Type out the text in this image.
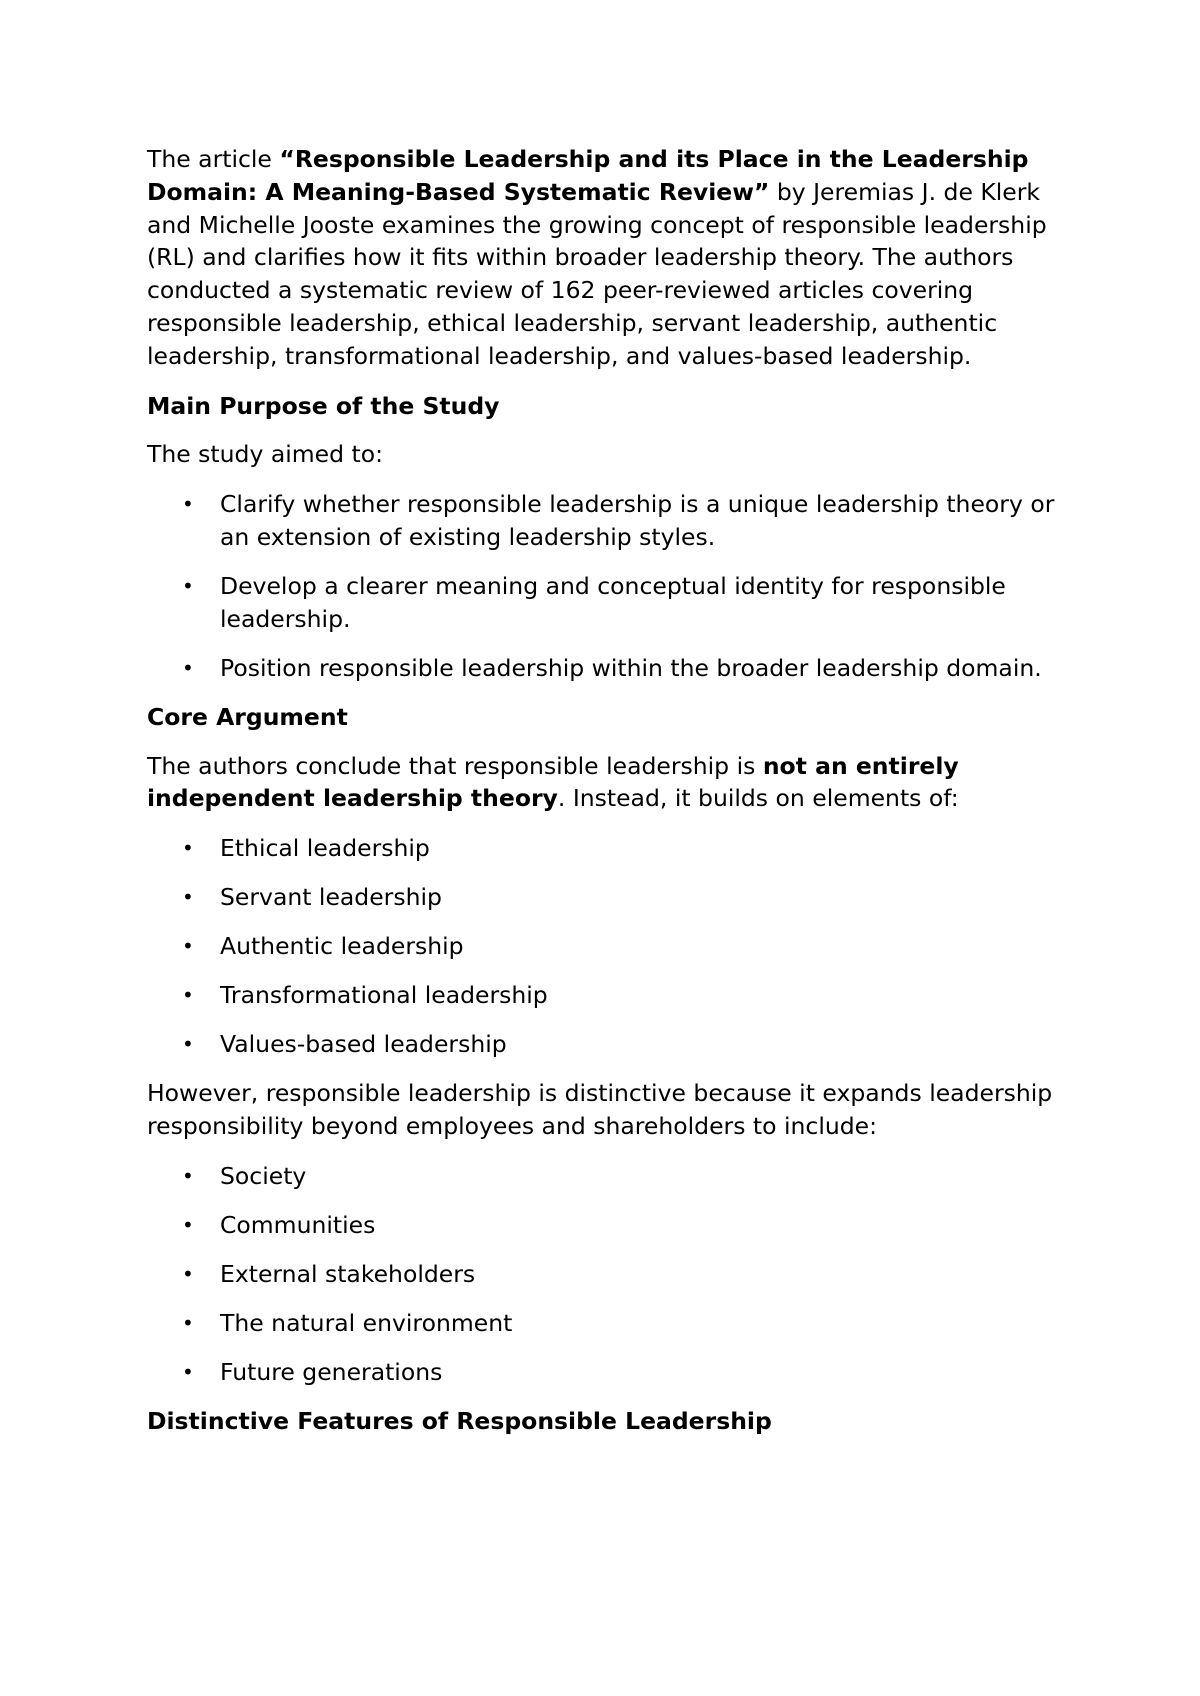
The article “Responsible Leadership and its Place in the Leadership Domain: A Meaning-Based Systematic Review” by Jeremias J. de Klerk and Michelle Jooste examines the growing concept of responsible leadership (RL) and clarifies how it fits within broader leadership theory. The authors conducted a systematic review of 162 peer-reviewed articles covering responsible leadership, ethical leadership, servant leadership, authentic leadership, transformational leadership, and values-based leadership.

Main Purpose of the Study

The study aimed to:

• Clarify whether responsible leadership is a unique leadership theory or an extension of existing leadership styles.
• Develop a clearer meaning and conceptual identity for responsible leadership.
• Position responsible leadership within the broader leadership domain.
Core Argument

The authors conclude that responsible leadership is not an entirely independent leadership theory. Instead, it builds on elements of:

• Ethical leadership
• Servant leadership
• Authentic leadership
• Transformational leadership
• Values-based leadership

However, responsible leadership is distinctive because it expands leadership responsibility beyond employees and shareholders to include:

• Society
• Communities
• External stakeholders
• The natural environment
• Future generations
Distinctive Features of Responsible Leadership
